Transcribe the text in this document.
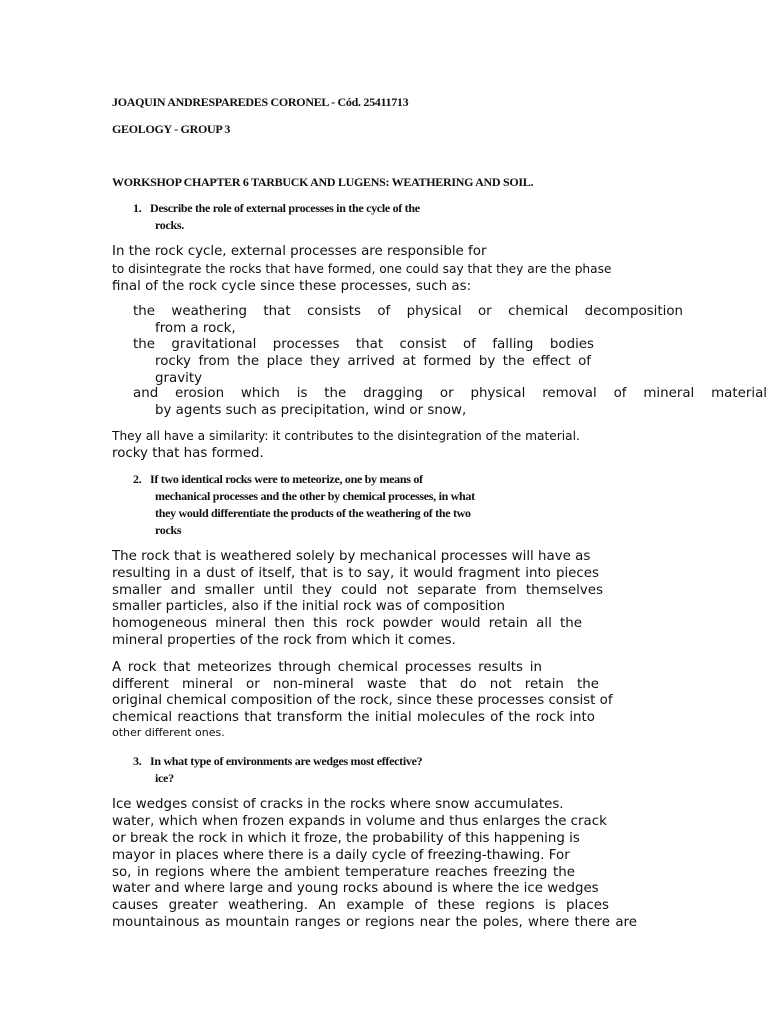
JOAQUIN ANDRESPAREDES CORONEL - Cód. 25411713
GEOLOGY - GROUP 3
WORKSHOP CHAPTER 6 TARBUCK AND LUGENS: WEATHERING AND SOIL.
1. Describe the role of external processes in the cycle of the
rocks.
In the rock cycle, external processes are responsible for
to disintegrate the rocks that have formed, one could say that they are the phase
final of the rock cycle since these processes, such as:
the weathering that consists of physical or chemical decomposition
from a rock,
the gravitational processes that consist of falling bodies
rocky from the place they arrived at formed by the effect of
gravity
and erosion which is the dragging or physical removal of mineral material
by agents such as precipitation, wind or snow,
They all have a similarity: it contributes to the disintegration of the material.
rocky that has formed.
2. If two identical rocks were to meteorize, one by means of
mechanical processes and the other by chemical processes, in what
they would differentiate the products of the weathering of the two
rocks
The rock that is weathered solely by mechanical processes will have as
resulting in a dust of itself, that is to say, it would fragment into pieces
smaller and smaller until they could not separate from themselves
smaller particles, also if the initial rock was of composition
homogeneous mineral then this rock powder would retain all the
mineral properties of the rock from which it comes.
A rock that meteorizes through chemical processes results in
different mineral or non-mineral waste that do not retain the
original chemical composition of the rock, since these processes consist of
chemical reactions that transform the initial molecules of the rock into
other different ones.
3. In what type of environments are wedges most effective?
ice?
Ice wedges consist of cracks in the rocks where snow accumulates.
water, which when frozen expands in volume and thus enlarges the crack
or break the rock in which it froze, the probability of this happening is
mayor in places where there is a daily cycle of freezing-thawing. For
so, in regions where the ambient temperature reaches freezing the
water and where large and young rocks abound is where the ice wedges
causes greater weathering. An example of these regions is places
mountainous as mountain ranges or regions near the poles, where there are
